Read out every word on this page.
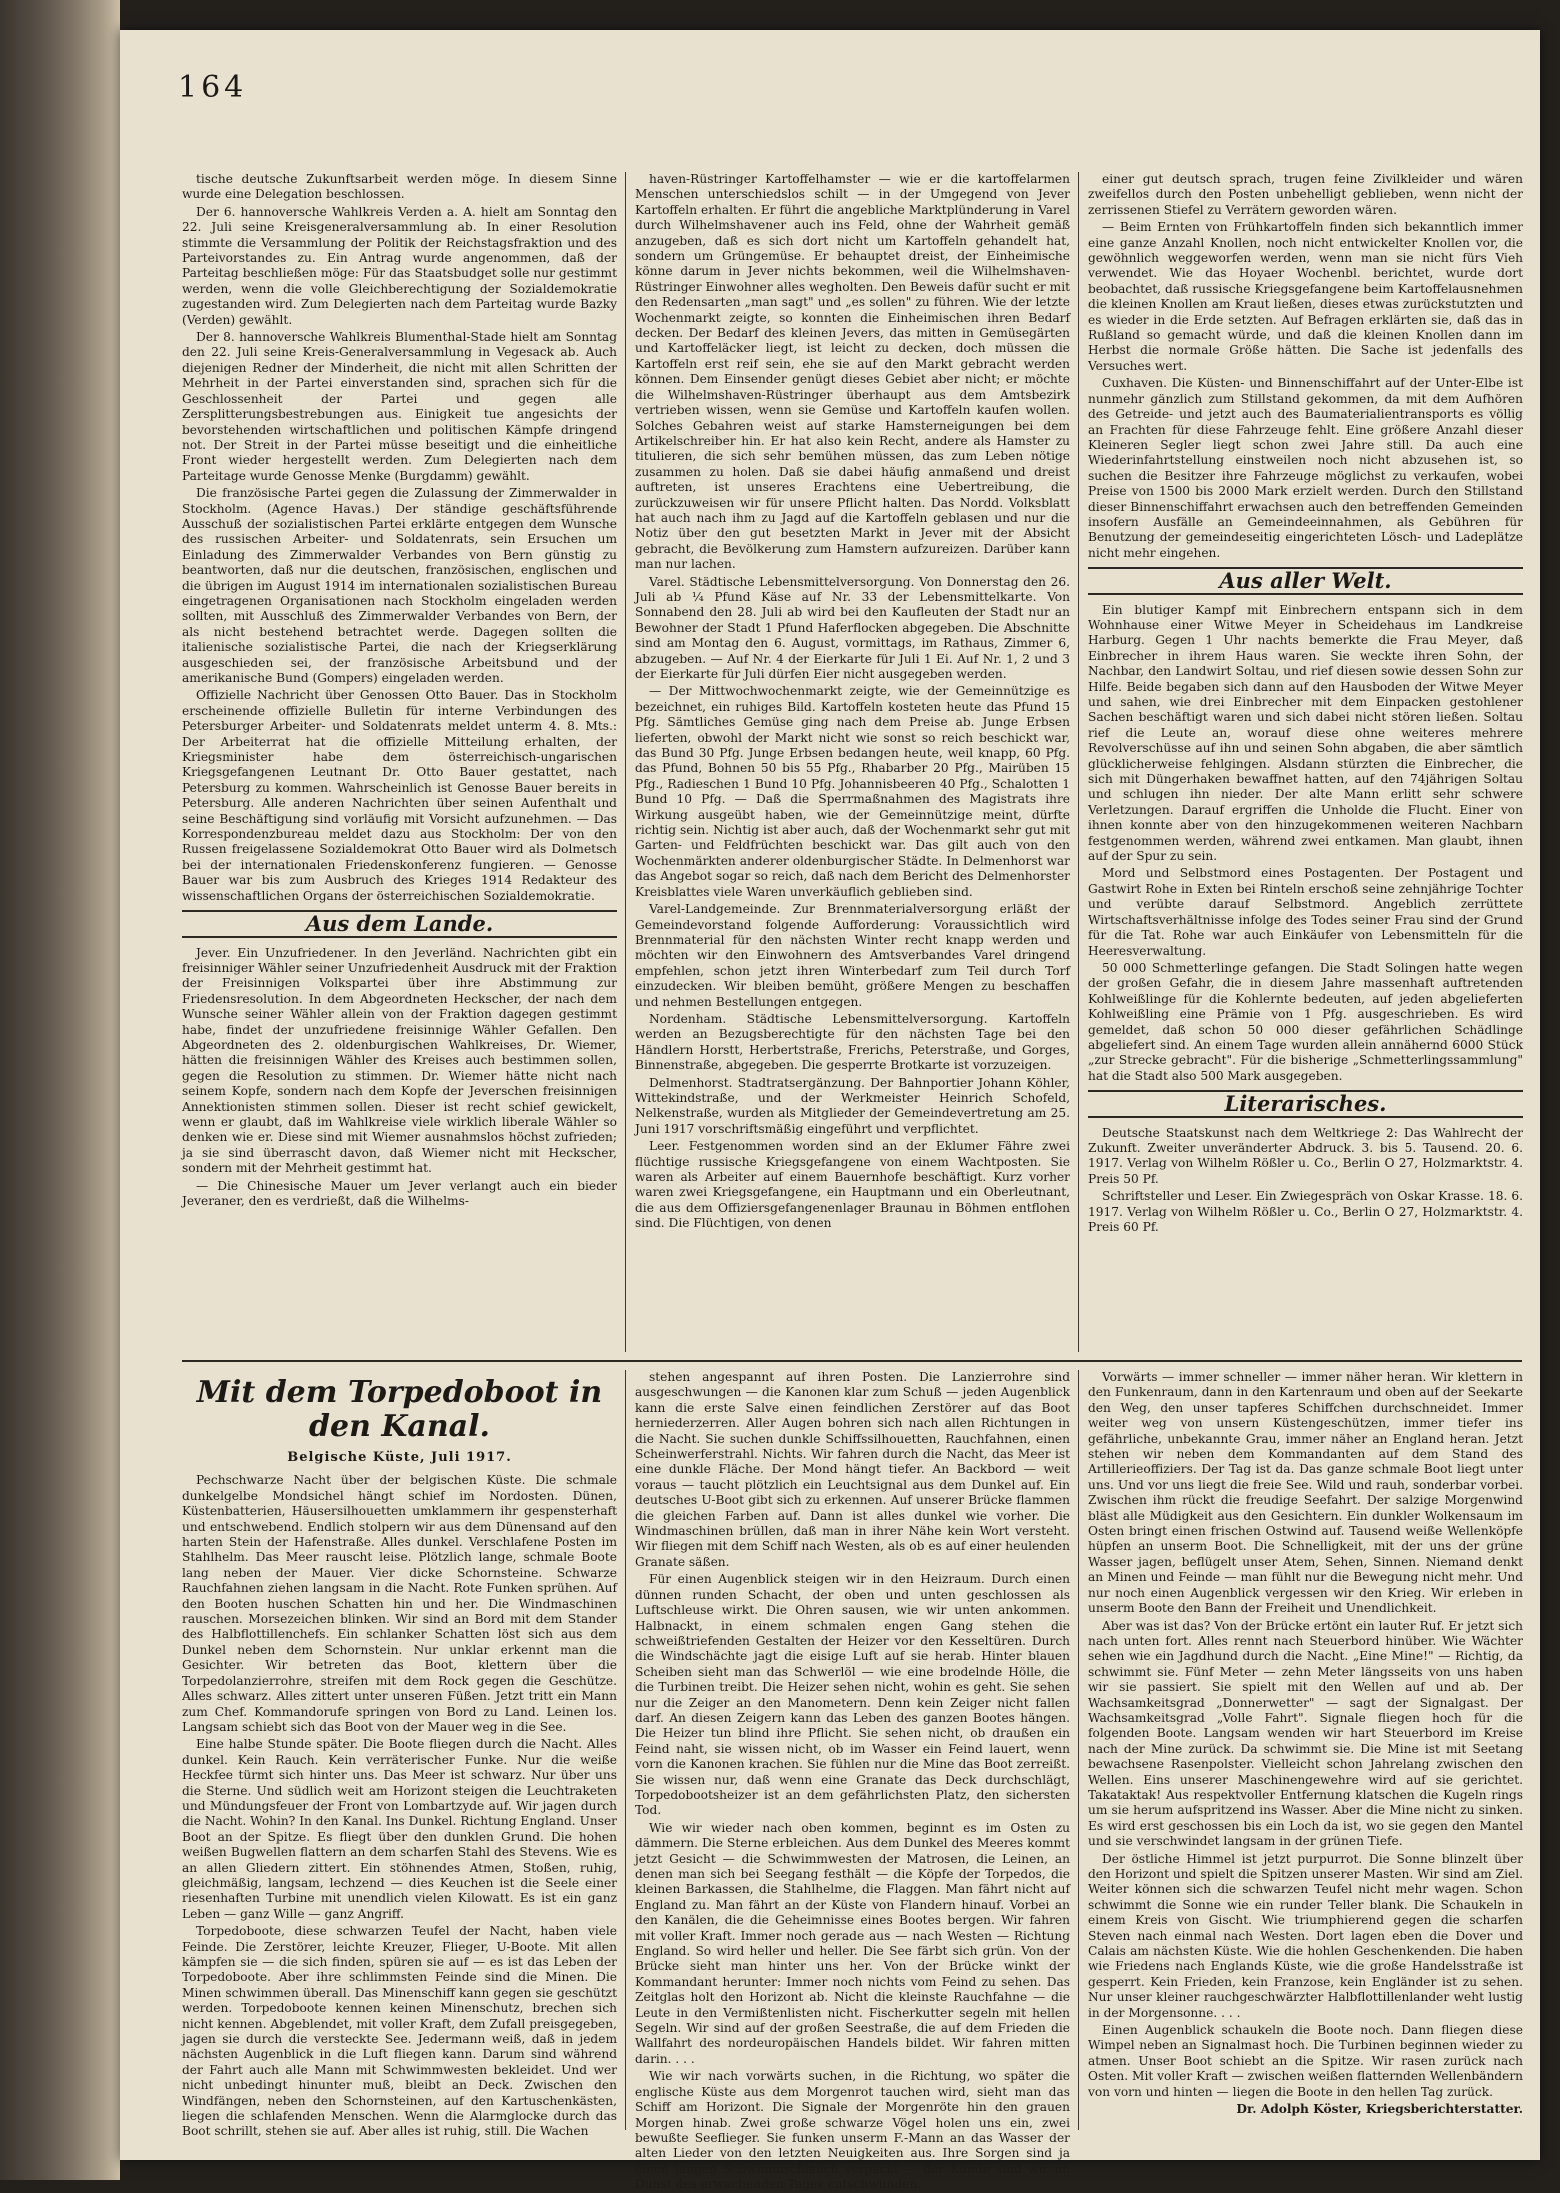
164

tische deutsche Zukunftsarbeit werden möge. In diesem Sinne wurde eine Delegation beschlossen.

Der 6. hannoversche Wahlkreis Verden a. A. hielt am Sonntag den 22. Juli seine Kreisgeneralversammlung ab. In einer Resolution stimmte die Versammlung der Politik der Reichstagsfraktion und des Parteivorstandes zu. Ein Antrag wurde angenommen, daß der Parteitag beschließen möge: Für das Staatsbudget solle nur gestimmt werden, wenn die volle Gleichberechtigung der Sozialdemokratie zugestanden wird. Zum Delegierten nach dem Parteitag wurde Bazky (Verden) gewählt.

Der 8. hannoversche Wahlkreis Blumenthal-Stade hielt am Sonntag den 22. Juli seine Kreis-Generalversammlung in Vegesack ab. Auch diejenigen Redner der Minderheit, die nicht mit allen Schritten der Mehrheit in der Partei einverstanden sind, sprachen sich für die Geschlossenheit der Partei und gegen alle Zersplitterungsbestrebungen aus. Einigkeit tue angesichts der bevorstehenden wirtschaftlichen und politischen Kämpfe dringend not. Der Streit in der Partei müsse beseitigt und die einheitliche Front wieder hergestellt werden. Zum Delegierten nach dem Parteitage wurde Genosse Menke (Burgdamm) gewählt.

Die französische Partei gegen die Zulassung der Zimmerwalder in Stockholm. (Agence Havas.) Der ständige geschäftsführende Ausschuß der sozialistischen Partei erklärte entgegen dem Wunsche des russischen Arbeiter- und Soldatenrats, sein Ersuchen um Einladung des Zimmerwalder Verbandes von Bern günstig zu beantworten, daß nur die deutschen, französischen, englischen und die übrigen im August 1914 im internationalen sozialistischen Bureau eingetragenen Organisationen nach Stockholm eingeladen werden sollten, mit Ausschluß des Zimmerwalder Verbandes von Bern, der als nicht bestehend betrachtet werde. Dagegen sollten die italienische sozialistische Partei, die nach der Kriegserklärung ausgeschieden sei, der französische Arbeitsbund und der amerikanische Bund (Gompers) eingeladen werden.

Offizielle Nachricht über Genossen Otto Bauer. Das in Stockholm erscheinende offizielle Bulletin für interne Verbindungen des Petersburger Arbeiter- und Soldatenrats meldet unterm 4. 8. Mts.: Der Arbeiterrat hat die offizielle Mitteilung erhalten, der Kriegsminister habe dem österreichisch-ungarischen Kriegsgefangenen Leutnant Dr. Otto Bauer gestattet, nach Petersburg zu kommen. Wahrscheinlich ist Genosse Bauer bereits in Petersburg. Alle anderen Nachrichten über seinen Aufenthalt und seine Beschäftigung sind vorläufig mit Vorsicht aufzunehmen. — Das Korrespondenzbureau meldet dazu aus Stockholm: Der von den Russen freigelassene Sozialdemokrat Otto Bauer wird als Dolmetsch bei der internationalen Friedenskonferenz fungieren. — Genosse Bauer war bis zum Ausbruch des Krieges 1914 Redakteur des wissenschaftlichen Organs der österreichischen Sozialdemokratie.

Aus dem Lande.

Jever. Ein Unzufriedener. In den Jeverländ. Nachrichten gibt ein freisinniger Wähler seiner Unzufriedenheit Ausdruck mit der Fraktion der Freisinnigen Volkspartei über ihre Abstimmung zur Friedensresolution. In dem Abgeordneten Heckscher, der nach dem Wunsche seiner Wähler allein von der Fraktion dagegen gestimmt habe, findet der unzufriedene freisinnige Wähler Gefallen. Den Abgeordneten des 2. oldenburgischen Wahlkreises, Dr. Wiemer, hätten die freisinnigen Wähler des Kreises auch bestimmen sollen, gegen die Resolution zu stimmen. Dr. Wiemer hätte nicht nach seinem Kopfe, sondern nach dem Kopfe der Jeverschen freisinnigen Annektionisten stimmen sollen. Dieser ist recht schief gewickelt, wenn er glaubt, daß im Wahlkreise viele wirklich liberale Wähler so denken wie er. Diese sind mit Wiemer ausnahmslos höchst zufrieden; ja sie sind überrascht davon, daß Wiemer nicht mit Heckscher, sondern mit der Mehrheit gestimmt hat.

— Die Chinesische Mauer um Jever verlangt auch ein bieder Jeveraner, den es verdrießt, daß die Wilhelms-

haven-Rüstringer Kartoffelhamster — wie er die kartoffelarmen Menschen unterschiedslos schilt — in der Umgegend von Jever Kartoffeln erhalten. Er führt die angebliche Marktplünderung in Varel durch Wilhelmshavener auch ins Feld, ohne der Wahrheit gemäß anzugeben, daß es sich dort nicht um Kartoffeln gehandelt hat, sondern um Grüngemüse. Er behauptet dreist, der Einheimische könne darum in Jever nichts bekommen, weil die Wilhelmshaven-Rüstringer Einwohner alles wegholten. Den Beweis dafür sucht er mit den Redensarten „man sagt" und „es sollen" zu führen. Wie der letzte Wochenmarkt zeigte, so konnten die Einheimischen ihren Bedarf decken. Der Bedarf des kleinen Jevers, das mitten in Gemüsegärten und Kartoffeläcker liegt, ist leicht zu decken, doch müssen die Kartoffeln erst reif sein, ehe sie auf den Markt gebracht werden können. Dem Einsender genügt dieses Gebiet aber nicht; er möchte die Wilhelmshaven-Rüstringer überhaupt aus dem Amtsbezirk vertrieben wissen, wenn sie Gemüse und Kartoffeln kaufen wollen. Solches Gebahren weist auf starke Hamsterneigungen bei dem Artikelschreiber hin. Er hat also kein Recht, andere als Hamster zu titulieren, die sich sehr bemühen müssen, das zum Leben nötige zusammen zu holen. Daß sie dabei häufig anmaßend und dreist auftreten, ist unseres Erachtens eine Uebertreibung, die zurückzuweisen wir für unsere Pflicht halten. Das Nordd. Volksblatt hat auch nach ihm zu Jagd auf die Kartoffeln geblasen und nur die Notiz über den gut besetzten Markt in Jever mit der Absicht gebracht, die Bevölkerung zum Hamstern aufzureizen. Darüber kann man nur lachen.

Varel. Städtische Lebensmittelversorgung. Von Donnerstag den 26. Juli ab ¼ Pfund Käse auf Nr. 33 der Lebensmittelkarte. Von Sonnabend den 28. Juli ab wird bei den Kaufleuten der Stadt nur an Bewohner der Stadt 1 Pfund Haferflocken abgegeben. Die Abschnitte sind am Montag den 6. August, vormittags, im Rathaus, Zimmer 6, abzugeben. — Auf Nr. 4 der Eierkarte für Juli 1 Ei. Auf Nr. 1, 2 und 3 der Eierkarte für Juli dürfen Eier nicht ausgegeben werden.

— Der Mittwochwochenmarkt zeigte, wie der Gemeinnützige es bezeichnet, ein ruhiges Bild. Kartoffeln kosteten heute das Pfund 15 Pfg. Sämtliches Gemüse ging nach dem Preise ab. Junge Erbsen lieferten, obwohl der Markt nicht wie sonst so reich beschickt war, das Bund 30 Pfg. Junge Erbsen bedangen heute, weil knapp, 60 Pfg. das Pfund, Bohnen 50 bis 55 Pfg., Rhabarber 20 Pfg., Mairüben 15 Pfg., Radieschen 1 Bund 10 Pfg. Johannisbeeren 40 Pfg., Schalotten 1 Bund 10 Pfg. — Daß die Sperrmaßnahmen des Magistrats ihre Wirkung ausgeübt haben, wie der Gemeinnützige meint, dürfte richtig sein. Nichtig ist aber auch, daß der Wochenmarkt sehr gut mit Garten- und Feldfrüchten beschickt war. Das gilt auch von den Wochenmärkten anderer oldenburgischer Städte. In Delmenhorst war das Angebot sogar so reich, daß nach dem Bericht des Delmenhorster Kreisblattes viele Waren unverkäuflich geblieben sind.

Varel-Landgemeinde. Zur Brennmaterialversorgung erläßt der Gemeindevorstand folgende Aufforderung: Voraussichtlich wird Brennmaterial für den nächsten Winter recht knapp werden und möchten wir den Einwohnern des Amtsverbandes Varel dringend empfehlen, schon jetzt ihren Winterbedarf zum Teil durch Torf einzudecken. Wir bleiben bemüht, größere Mengen zu beschaffen und nehmen Bestellungen entgegen.

Nordenham. Städtische Lebensmittelversorgung. Kartoffeln werden an Bezugsberechtigte für den nächsten Tage bei den Händlern Horstt, Herbertstraße, Frerichs, Peterstraße, und Gorges, Binnenstraße, abgegeben. Die gesperrte Brotkarte ist vorzuzeigen.

Delmenhorst. Stadtratsergänzung. Der Bahnportier Johann Köhler, Wittekindstraße, und der Werkmeister Heinrich Schofeld, Nelkenstraße, wurden als Mitglieder der Gemeindevertretung am 25. Juni 1917 vorschriftsmäßig eingeführt und verpflichtet.

Leer. Festgenommen worden sind an der Eklumer Fähre zwei flüchtige russische Kriegsgefangene von einem Wachtposten. Sie waren als Arbeiter auf einem Bauernhofe beschäftigt. Kurz vorher waren zwei Kriegsgefangene, ein Hauptmann und ein Oberleutnant, die aus dem Offiziersgefangenenlager Braunau in Böhmen entflohen sind. Die Flüchtigen, von denen

einer gut deutsch sprach, trugen feine Zivilkleider und wären zweifellos durch den Posten unbehelligt geblieben, wenn nicht der zerrissenen Stiefel zu Verrätern geworden wären.

— Beim Ernten von Frühkartoffeln finden sich bekanntlich immer eine ganze Anzahl Knollen, noch nicht entwickelter Knollen vor, die gewöhnlich weggeworfen werden, wenn man sie nicht fürs Vieh verwendet. Wie das Hoyaer Wochenbl. berichtet, wurde dort beobachtet, daß russische Kriegsgefangene beim Kartoffelausnehmen die kleinen Knollen am Kraut ließen, dieses etwas zurückstutzten und es wieder in die Erde setzten. Auf Befragen erklärten sie, daß das in Rußland so gemacht würde, und daß die kleinen Knollen dann im Herbst die normale Größe hätten. Die Sache ist jedenfalls des Versuches wert.

Cuxhaven. Die Küsten- und Binnenschiffahrt auf der Unter-Elbe ist nunmehr gänzlich zum Stillstand gekommen, da mit dem Aufhören des Getreide- und jetzt auch des Baumaterialientransports es völlig an Frachten für diese Fahrzeuge fehlt. Eine größere Anzahl dieser Kleineren Segler liegt schon zwei Jahre still. Da auch eine Wiederinfahrtstellung einstweilen noch nicht abzusehen ist, so suchen die Besitzer ihre Fahrzeuge möglichst zu verkaufen, wobei Preise von 1500 bis 2000 Mark erzielt werden. Durch den Stillstand dieser Binnenschiffahrt erwachsen auch den betreffenden Gemeinden insofern Ausfälle an Gemeindeeinnahmen, als Gebühren für Benutzung der gemeindeseitig eingerichteten Lösch- und Ladeplätze nicht mehr eingehen.

Aus aller Welt.

Ein blutiger Kampf mit Einbrechern entspann sich in dem Wohnhause einer Witwe Meyer in Scheidehaus im Landkreise Harburg. Gegen 1 Uhr nachts bemerkte die Frau Meyer, daß Einbrecher in ihrem Haus waren. Sie weckte ihren Sohn, der Nachbar, den Landwirt Soltau, und rief diesen sowie dessen Sohn zur Hilfe. Beide begaben sich dann auf den Hausboden der Witwe Meyer und sahen, wie drei Einbrecher mit dem Einpacken gestohlener Sachen beschäftigt waren und sich dabei nicht stören ließen. Soltau rief die Leute an, worauf diese ohne weiteres mehrere Revolverschüsse auf ihn und seinen Sohn abgaben, die aber sämtlich glücklicherweise fehlgingen. Alsdann stürzten die Einbrecher, die sich mit Düngerhaken bewaffnet hatten, auf den 74jährigen Soltau und schlugen ihn nieder. Der alte Mann erlitt sehr schwere Verletzungen. Darauf ergriffen die Unholde die Flucht. Einer von ihnen konnte aber von den hinzugekommenen weiteren Nachbarn festgenommen werden, während zwei entkamen. Man glaubt, ihnen auf der Spur zu sein.

Mord und Selbstmord eines Postagenten. Der Postagent und Gastwirt Rohe in Exten bei Rinteln erschoß seine zehnjährige Tochter und verübte darauf Selbstmord. Angeblich zerrüttete Wirtschaftsverhältnisse infolge des Todes seiner Frau sind der Grund für die Tat. Rohe war auch Einkäufer von Lebensmitteln für die Heeresverwaltung.

50 000 Schmetterlinge gefangen. Die Stadt Solingen hatte wegen der großen Gefahr, die in diesem Jahre massenhaft auftretenden Kohlweißlinge für die Kohlernte bedeuten, auf jeden abgelieferten Kohlweißling eine Prämie von 1 Pfg. ausgeschrieben. Es wird gemeldet, daß schon 50 000 dieser gefährlichen Schädlinge abgeliefert sind. An einem Tage wurden allein annähernd 6000 Stück „zur Strecke gebracht". Für die bisherige „Schmetterlingssammlung" hat die Stadt also 500 Mark ausgegeben.

Literarisches.

Deutsche Staatskunst nach dem Weltkriege 2: Das Wahlrecht der Zukunft. Zweiter unveränderter Abdruck. 3. bis 5. Tausend. 20. 6. 1917. Verlag von Wilhelm Rößler u. Co., Berlin O 27, Holzmarktstr. 4. Preis 50 Pf.

Schriftsteller und Leser. Ein Zwiegespräch von Oskar Krasse. 18. 6. 1917. Verlag von Wilhelm Rößler u. Co., Berlin O 27, Holzmarktstr. 4. Preis 60 Pf.

Mit dem Torpedoboot in den Kanal.
Belgische Küste, Juli 1917.

Pechschwarze Nacht über der belgischen Küste. Die schmale dunkelgelbe Mondsichel hängt schief im Nordosten. Dünen, Küstenbatterien, Häusersilhouetten umklammern ihr gespensterhaft und entschwebend. Endlich stolpern wir aus dem Dünensand auf den harten Stein der Hafenstraße. Alles dunkel. Verschlafene Posten im Stahlhelm. Das Meer rauscht leise. Plötzlich lange, schmale Boote lang neben der Mauer. Vier dicke Schornsteine. Schwarze Rauchfahnen ziehen langsam in die Nacht. Rote Funken sprühen. Auf den Booten huschen Schatten hin und her. Die Windmaschinen rauschen. Morsezeichen blinken. Wir sind an Bord mit dem Stander des Halbflottillenchefs. Ein schlanker Schatten löst sich aus dem Dunkel neben dem Schornstein. Nur unklar erkennt man die Gesichter. Wir betreten das Boot, klettern über die Torpedolanzierrohre, streifen mit dem Rock gegen die Geschütze. Alles schwarz. Alles zittert unter unseren Füßen. Jetzt tritt ein Mann zum Chef. Kommandorufe springen von Bord zu Land. Leinen los. Langsam schiebt sich das Boot von der Mauer weg in die See.

Eine halbe Stunde später. Die Boote fliegen durch die Nacht. Alles dunkel. Kein Rauch. Kein verräterischer Funke. Nur die weiße Heckfee türmt sich hinter uns. Das Meer ist schwarz. Nur über uns die Sterne. Und südlich weit am Horizont steigen die Leuchtraketen und Mündungsfeuer der Front von Lombartzyde auf. Wir jagen durch die Nacht. Wohin? In den Kanal. Ins Dunkel. Richtung England. Unser Boot an der Spitze. Es fliegt über den dunklen Grund. Die hohen weißen Bugwellen flattern an dem scharfen Stahl des Stevens. Wie es an allen Gliedern zittert. Ein stöhnendes Atmen, Stoßen, ruhig, gleichmäßig, langsam, lechzend — dies Keuchen ist die Seele einer riesenhaften Turbine mit unendlich vielen Kilowatt. Es ist ein ganz Leben — ganz Wille — ganz Angriff.

Torpedoboote, diese schwarzen Teufel der Nacht, haben viele Feinde. Die Zerstörer, leichte Kreuzer, Flieger, U-Boote. Mit allen kämpfen sie — die sich finden, spüren sie auf — es ist das Leben der Torpedoboote. Aber ihre schlimmsten Feinde sind die Minen. Die Minen schwimmen überall. Das Minenschiff kann gegen sie geschützt werden. Torpedoboote kennen keinen Minenschutz, brechen sich nicht kennen. Abgeblendet, mit voller Kraft, dem Zufall preisgegeben, jagen sie durch die versteckte See. Jedermann weiß, daß in jedem nächsten Augenblick in die Luft fliegen kann. Darum sind während der Fahrt auch alle Mann mit Schwimmwesten bekleidet. Und wer nicht unbedingt hinunter muß, bleibt an Deck. Zwischen den Windfängen, neben den Schornsteinen, auf den Kartuschenkästen, liegen die schlafenden Menschen. Wenn die Alarmglocke durch das Boot schrillt, stehen sie auf. Aber alles ist ruhig, still. Die Wachen

stehen angespannt auf ihren Posten. Die Lanzierrohre sind ausgeschwungen — die Kanonen klar zum Schuß — jeden Augenblick kann die erste Salve einen feindlichen Zerstörer auf das Boot herniederzerren. Aller Augen bohren sich nach allen Richtungen in die Nacht. Sie suchen dunkle Schiffssilhouetten, Rauchfahnen, einen Scheinwerferstrahl. Nichts. Wir fahren durch die Nacht, das Meer ist eine dunkle Fläche. Der Mond hängt tiefer. An Backbord — weit voraus — taucht plötzlich ein Leuchtsignal aus dem Dunkel auf. Ein deutsches U-Boot gibt sich zu erkennen. Auf unserer Brücke flammen die gleichen Farben auf. Dann ist alles dunkel wie vorher. Die Windmaschinen brüllen, daß man in ihrer Nähe kein Wort versteht. Wir fliegen mit dem Schiff nach Westen, als ob es auf einer heulenden Granate säßen.

Für einen Augenblick steigen wir in den Heizraum. Durch einen dünnen runden Schacht, der oben und unten geschlossen als Luftschleuse wirkt. Die Ohren sausen, wie wir unten ankommen. Halbnackt, in einem schmalen engen Gang stehen die schweißtriefenden Gestalten der Heizer vor den Kesseltüren. Durch die Windschächte jagt die eisige Luft auf sie herab. Hinter blauen Scheiben sieht man das Schwerlöl — wie eine brodelnde Hölle, die die Turbinen treibt. Die Heizer sehen nicht, wohin es geht. Sie sehen nur die Zeiger an den Manometern. Denn kein Zeiger nicht fallen darf. An diesen Zeigern kann das Leben des ganzen Bootes hängen. Die Heizer tun blind ihre Pflicht. Sie sehen nicht, ob draußen ein Feind naht, sie wissen nicht, ob im Wasser ein Feind lauert, wenn vorn die Kanonen krachen. Sie fühlen nur die Mine das Boot zerreißt. Sie wissen nur, daß wenn eine Granate das Deck durchschlägt, Torpedobootsheizer ist an dem gefährlichsten Platz, den sichersten Tod.

Wie wir wieder nach oben kommen, beginnt es im Osten zu dämmern. Die Sterne erbleichen. Aus dem Dunkel des Meeres kommt jetzt Gesicht — die Schwimmwesten der Matrosen, die Leinen, an denen man sich bei Seegang festhält — die Köpfe der Torpedos, die kleinen Barkassen, die Stahlhelme, die Flaggen. Man fährt nicht auf England zu. Man fährt an der Küste von Flandern hinauf. Vorbei an den Kanälen, die die Geheimnisse eines Bootes bergen. Wir fahren mit voller Kraft. Immer noch gerade aus — nach Westen — Richtung England. So wird heller und heller. Die See färbt sich grün. Von der Brücke sieht man hinter uns her. Von der Brücke winkt der Kommandant herunter: Immer noch nichts vom Feind zu sehen. Das Zeitglas holt den Horizont ab. Nicht die kleinste Rauchfahne — die Leute in den Vermißtenlisten nicht. Fischerkutter segeln mit hellen Segeln. Wir sind auf der großen Seestraße, die auf dem Frieden die Wallfahrt des nordeuropäischen Handels bildet. Wir fahren mitten darin. . . .

Wie wir nach vorwärts suchen, in die Richtung, wo später die englische Küste aus dem Morgenrot tauchen wird, sieht man das Schiff am Horizont. Die Signale der Morgenröte hin den grauen Morgen hinab. Zwei große schwarze Vögel holen uns ein, zwei bewußte Seeflieger. Sie funken unserm F.-Mann an das Wasser der alten Lieder von den letzten Neuigkeiten aus. Ihre Sorgen sind ja einen langen Schwimmschlauch verpackt — der Kunde sind wir im Dunst des erwachenden Tages entschwunden.

Vorwärts — immer schneller — immer näher heran. Wir klettern in den Funkenraum, dann in den Kartenraum und oben auf der Seekarte den Weg, den unser tapferes Schiffchen durchschneidet. Immer weiter weg von unsern Küstengeschützen, immer tiefer ins gefährliche, unbekannte Grau, immer näher an England heran. Jetzt stehen wir neben dem Kommandanten auf dem Stand des Artillerieoffiziers. Der Tag ist da. Das ganze schmale Boot liegt unter uns. Und vor uns liegt die freie See. Wild und rauh, sonderbar vorbei. Zwischen ihm rückt die freudige Seefahrt. Der salzige Morgenwind bläst alle Müdigkeit aus den Gesichtern. Ein dunkler Wolkensaum im Osten bringt einen frischen Ostwind auf. Tausend weiße Wellenköpfe hüpfen an unserm Boot. Die Schnelligkeit, mit der uns der grüne Wasser jagen, beflügelt unser Atem, Sehen, Sinnen. Niemand denkt an Minen und Feinde — man fühlt nur die Bewegung nicht mehr. Und nur noch einen Augenblick vergessen wir den Krieg. Wir erleben in unserm Boote den Bann der Freiheit und Unendlichkeit.

Aber was ist das? Von der Brücke ertönt ein lauter Ruf. Er jetzt sich nach unten fort. Alles rennt nach Steuerbord hinüber. Wie Wächter sehen wie ein Jagdhund durch die Nacht. „Eine Mine!" — Richtig, da schwimmt sie. Fünf Meter — zehn Meter längsseits von uns haben wir sie passiert. Sie spielt mit den Wellen auf und ab. Der Wachsamkeitsgrad „Donnerwetter" — sagt der Signalgast. Der Wachsamkeitsgrad „Volle Fahrt". Signale fliegen hoch für die folgenden Boote. Langsam wenden wir hart Steuerbord im Kreise nach der Mine zurück. Da schwimmt sie. Die Mine ist mit Seetang bewachsene Rasenpolster. Vielleicht schon Jahrelang zwischen den Wellen. Eins unserer Maschinengewehre wird auf sie gerichtet. Takataktak! Aus respektvoller Entfernung klatschen die Kugeln rings um sie herum aufspritzend ins Wasser. Aber die Mine nicht zu sinken. Es wird erst geschossen bis ein Loch da ist, wo sie gegen den Mantel und sie verschwindet langsam in der grünen Tiefe.

Der östliche Himmel ist jetzt purpurrot. Die Sonne blinzelt über den Horizont und spielt die Spitzen unserer Masten. Wir sind am Ziel. Weiter können sich die schwarzen Teufel nicht mehr wagen. Schon schwimmt die Sonne wie ein runder Teller blank. Die Schaukeln in einem Kreis von Gischt. Wie triumphierend gegen die scharfen Steven nach einmal nach Westen. Dort lagen eben die Dover und Calais am nächsten Küste. Wie die hohlen Geschenkenden. Die haben wie Friedens nach Englands Küste, wie die große Handelsstraße ist gesperrt. Kein Frieden, kein Franzose, kein Engländer ist zu sehen. Nur unser kleiner rauchgeschwärzter Halbflottillenlander weht lustig in der Morgensonne. . . .

Einen Augenblick schaukeln die Boote noch. Dann fliegen diese Wimpel neben an Signalmast hoch. Die Turbinen beginnen wieder zu atmen. Unser Boot schiebt an die Spitze. Wir rasen zurück nach Osten. Mit voller Kraft — zwischen weißen flatternden Wellenbändern von vorn und hinten — liegen die Boote in den hellen Tag zurück.

Dr. Adolph Köster, Kriegsberichterstatter.
